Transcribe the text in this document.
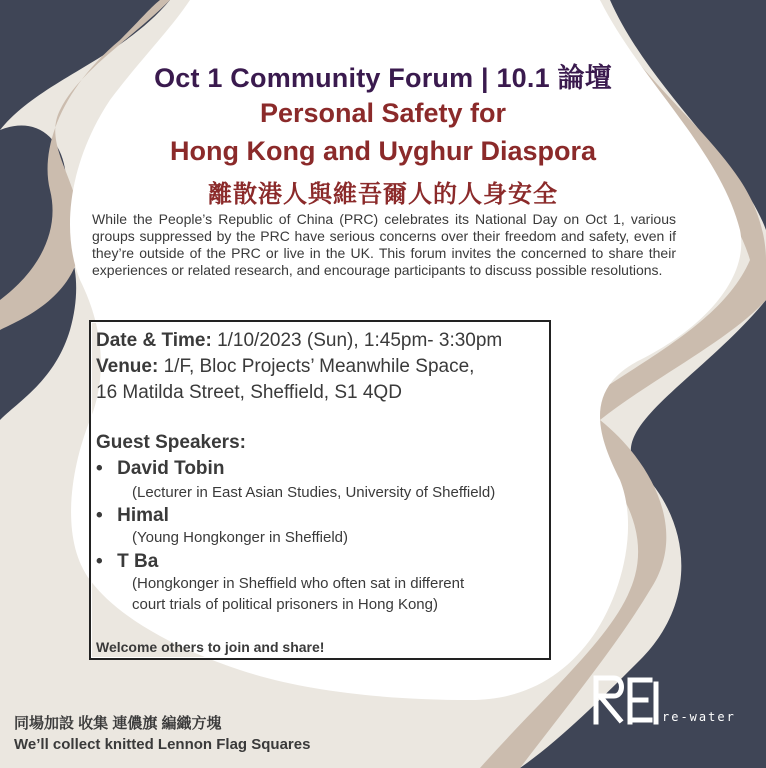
Oct 1 Community Forum | 10.1 論壇
Personal Safety for
Hong Kong and Uyghur Diaspora
離散港人與維吾爾人的人身安全
While the People’s Republic of China (PRC) celebrates its National Day on Oct 1, various groups suppressed by the PRC have serious concerns over their freedom and safety, even if they’re outside of the PRC or live in the UK. This forum invites the concerned to share their experiences or related research, and encourage participants to discuss possible resolutions.
Date & Time: 1/10/2023 (Sun), 1:45pm- 3:30pm
Venue: 1/F, Bloc Projects’ Meanwhile Space,
16 Matilda Street, Sheffield, S1 4QD
Guest Speakers:
• David Tobin
(Lecturer in East Asian Studies, University of Sheffield)
• Himal
(Young Hongkonger in Sheffield)
• T Ba
(Hongkonger in Sheffield who often sat in different
court trials of political prisoners in Hong Kong)
Welcome others to join and share!
同場加設 收集 連儂旗 編織方塊
We’ll collect knitted Lennon Flag Squares
re-water
